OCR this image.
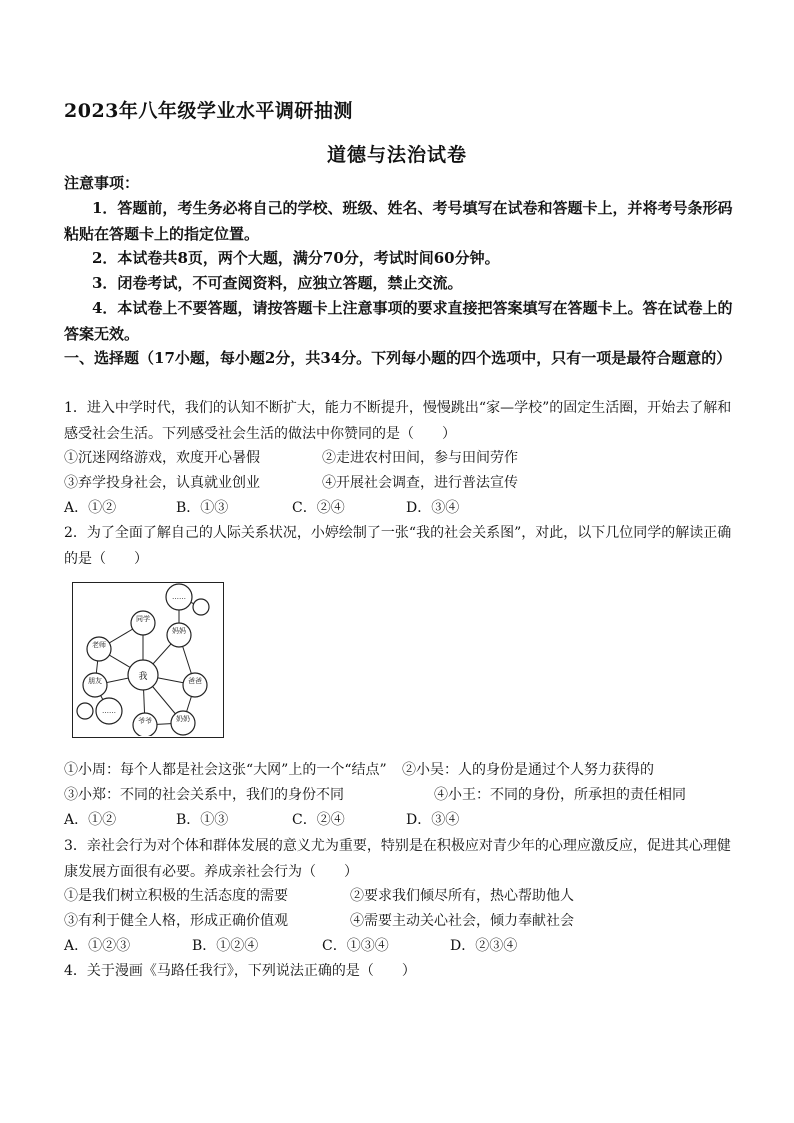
2023年八年级学业水平调研抽测
道德与法治试卷
注意事项：
1．答题前，考生务必将自己的学校、班级、姓名、考号填写在试卷和答题卡上，并将考号条形码粘贴在答题卡上的指定位置。
2．本试卷共8页，两个大题，满分70分，考试时间60分钟。
3．闭卷考试，不可查阅资料，应独立答题，禁止交流。
4．本试卷上不要答题，请按答题卡上注意事项的要求直接把答案填写在答题卡上。答在试卷上的答案无效。
一、选择题（17小题，每小题2分，共34分。下列每小题的四个选项中，只有一项是最符合题意的）
1．进入中学时代，我们的认知不断扩大，能力不断提升，慢慢跳出“家—学校”的固定生活圈，开始去了解和感受社会生活。下列感受社会生活的做法中你赞同的是（　　）
①沉迷网络游戏，欢度开心暑假	②走进农村田间，参与田间劳作
③弃学投身社会，认真就业创业	④开展社会调查，进行普法宣传
A．①②	B．①③	C．②④	D．③④
2．为了全面了解自己的人际关系状况，小婷绘制了一张“我的社会关系图”，对此，以下几位同学的解读正确的是（　　）
我
同学
妈妈
老师
朋友	爸爸
爷爷	奶奶
……
……
①小周：每个人都是社会这张“大网”上的一个“结点” ②小吴：人的身份是通过个人努力获得的
③小郑：不同的社会关系中，我们的身份不同	④小王：不同的身份，所承担的责任相同
A．①②	B．①③	C．②④	D．③④
3．亲社会行为对个体和群体发展的意义尤为重要，特别是在积极应对青少年的心理应激反应，促进其心理健康发展方面很有必要。养成亲社会行为（　　）
①是我们树立积极的生活态度的需要	②要求我们倾尽所有，热心帮助他人
③有利于健全人格，形成正确价值观	④需要主动关心社会，倾力奉献社会
A．①②③	B．①②④	C．①③④	D．②③④
4．关于漫画《马路任我行》，下列说法正确的是（　　）
